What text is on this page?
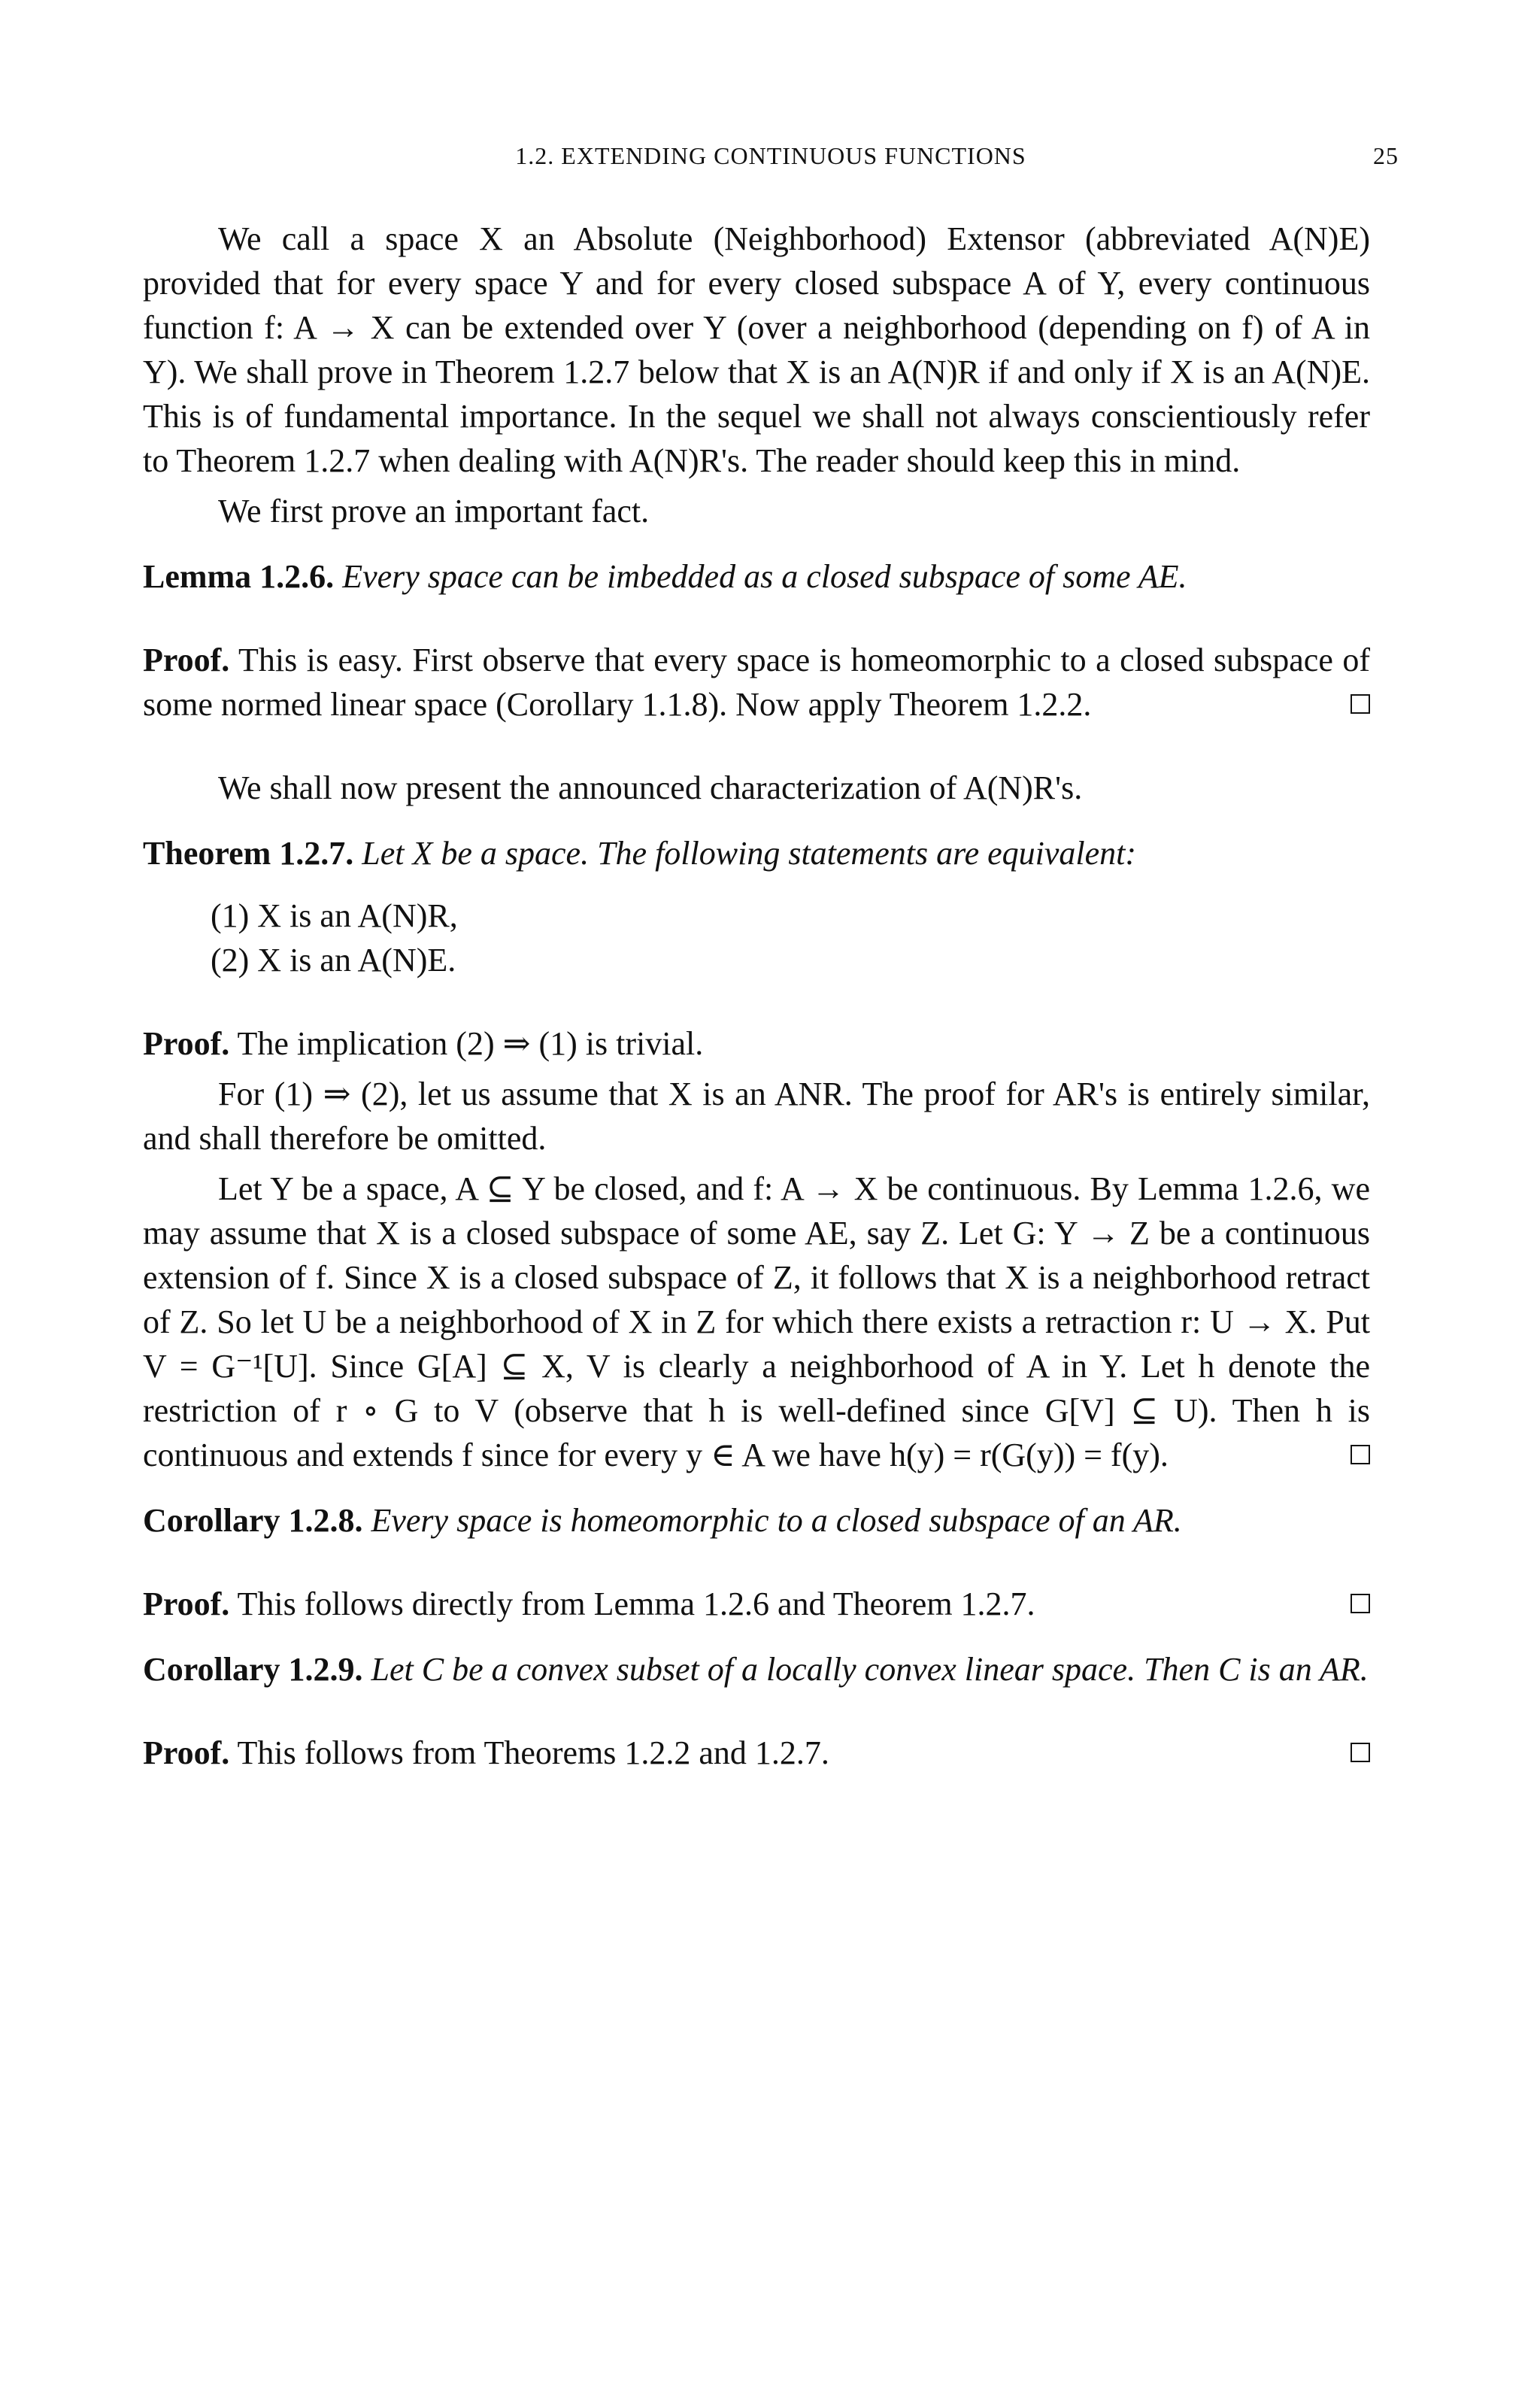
1.2. EXTENDING CONTINUOUS FUNCTIONS	25

We call a space X an Absolute (Neighborhood) Extensor (abbreviated A(N)E) provided that for every space Y and for every closed subspace A of Y, every continuous function f: A → X can be extended over Y (over a neighborhood (depending on f) of A in Y). We shall prove in Theorem 1.2.7 below that X is an A(N)R if and only if X is an A(N)E. This is of fundamental importance. In the sequel we shall not always conscientiously refer to Theorem 1.2.7 when dealing with A(N)R's. The reader should keep this in mind.

We first prove an important fact.

Lemma 1.2.6. Every space can be imbedded as a closed subspace of some AE.

Proof. This is easy. First observe that every space is homeomorphic to a closed subspace of some normed linear space (Corollary 1.1.8). Now apply Theorem 1.2.2.

We shall now present the announced characterization of A(N)R's.

Theorem 1.2.7. Let X be a space. The following statements are equivalent:

(1) X is an A(N)R,
(2) X is an A(N)E.

Proof. The implication (2) ⇒ (1) is trivial.

For (1) ⇒ (2), let us assume that X is an ANR. The proof for AR's is entirely similar, and shall therefore be omitted.

Let Y be a space, A ⊆ Y be closed, and f: A → X be continuous. By Lemma 1.2.6, we may assume that X is a closed subspace of some AE, say Z. Let G: Y → Z be a continuous extension of f. Since X is a closed subspace of Z, it follows that X is a neighborhood retract of Z. So let U be a neighborhood of X in Z for which there exists a retraction r: U → X. Put V = G⁻¹[U]. Since G[A] ⊆ X, V is clearly a neighborhood of A in Y. Let h denote the restriction of r ∘ G to V (observe that h is well-defined since G[V] ⊆ U). Then h is continuous and extends f since for every y ∈ A we have h(y) = r(G(y)) = f(y).

Corollary 1.2.8. Every space is homeomorphic to a closed subspace of an AR.

Proof. This follows directly from Lemma 1.2.6 and Theorem 1.2.7.

Corollary 1.2.9. Let C be a convex subset of a locally convex linear space. Then C is an AR.

Proof. This follows from Theorems 1.2.2 and 1.2.7.
